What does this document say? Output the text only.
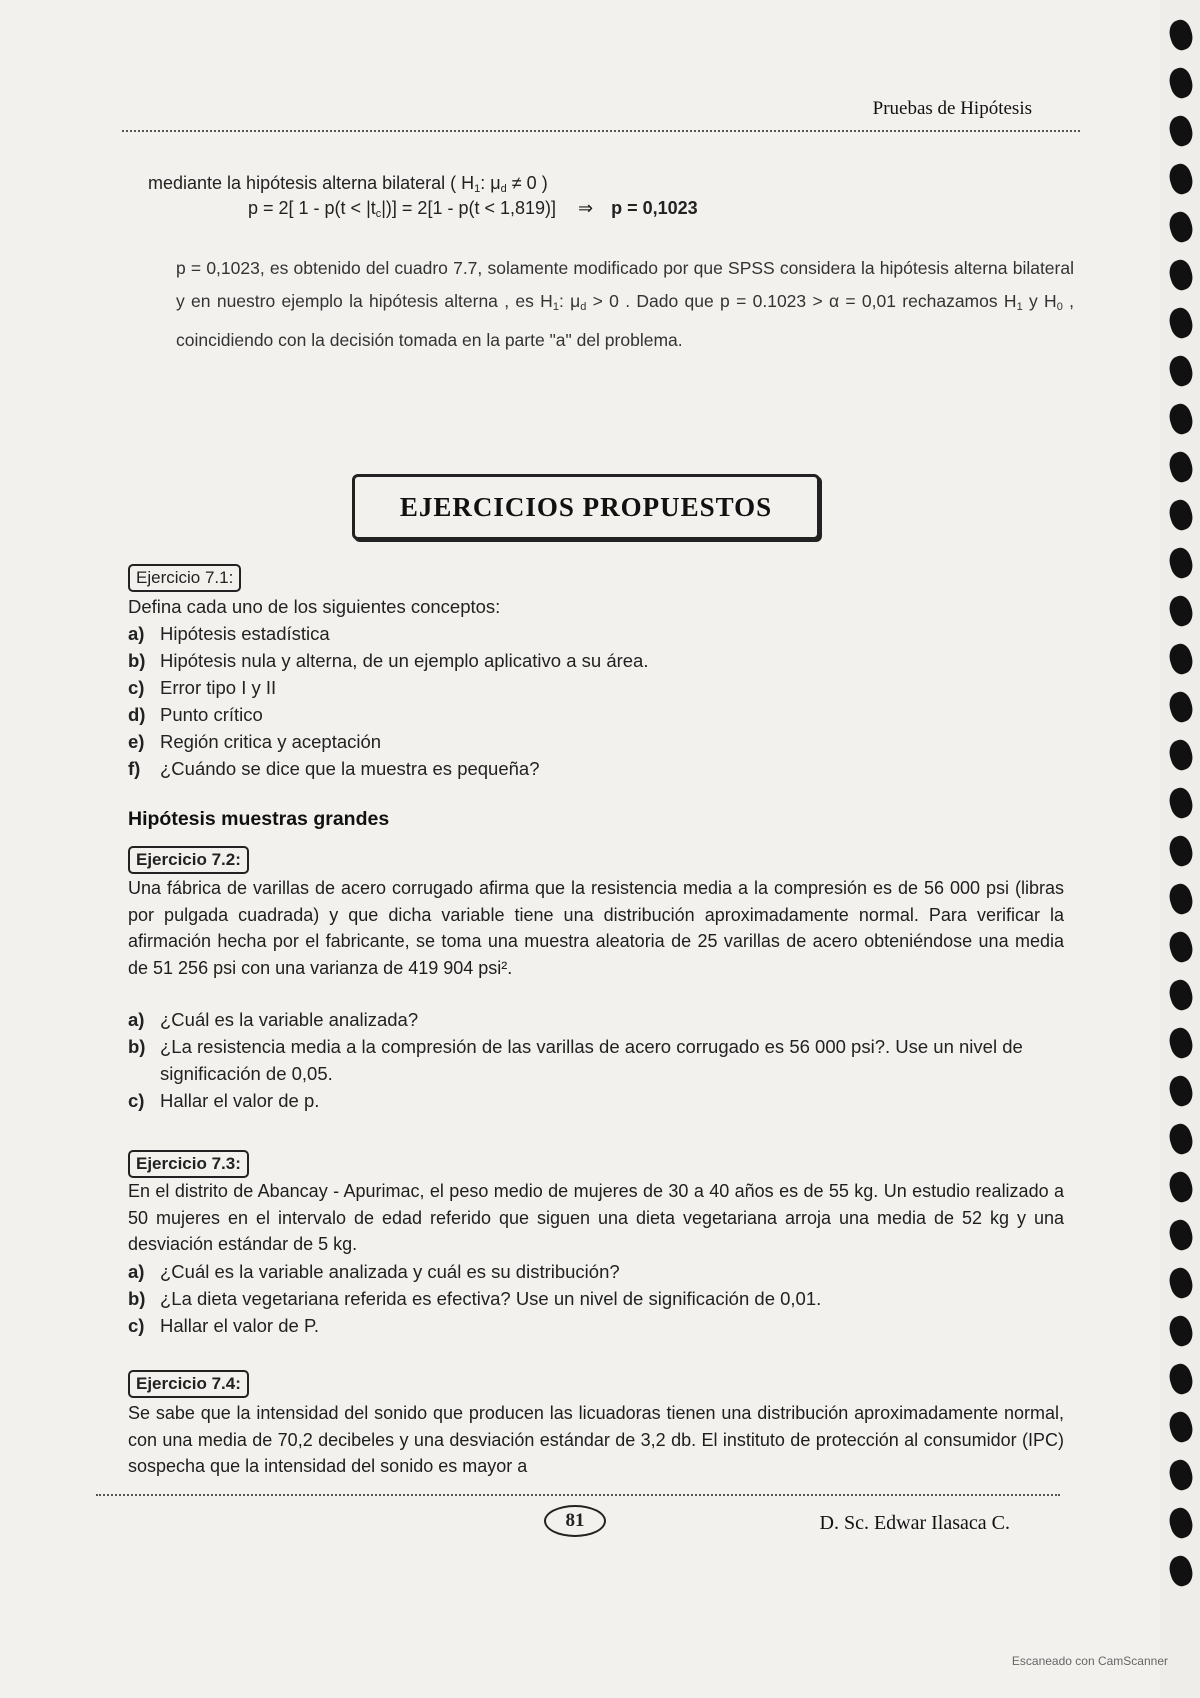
Pruebas de Hipótesis
mediante la hipótesis alterna bilateral ( $H_1$: $\mu_d \ne 0$ )
p = 2[ $1 - p(t < |t_c|)] = 2[1 - p(t < 1,819)]$ ⇒ p = 0,1023
p = 0,1023, es obtenido del cuadro 7.7, solamente modificado por que SPSS considera la hipótesis alterna bilateral y en nuestro ejemplo la hipótesis alterna , es $H_1$: $\mu_d > 0$ . Dado que p = 0.1023 > α = 0,01 rechazamos $H_1$ y $H_0$ , coincidiendo con la decisión tomada en la parte "a" del problema.
EJERCICIOS PROPUESTOS
Ejercicio 7.1:
Defina cada uno de los siguientes conceptos:
a) Hipótesis estadística
b) Hipótesis nula y alterna, de un ejemplo aplicativo a su área.
c) Error tipo I y II
d) Punto crítico
e) Región critica y aceptación
f)	¿Cuándo se dice que la muestra es pequeña?
Hipótesis muestras grandes
Ejercicio 7.2:
Una fábrica de varillas de acero corrugado afirma que la resistencia media a la compresión es de 56 000 psi (libras por pulgada cuadrada) y que dicha variable tiene una distribución aproximadamente normal. Para verificar la afirmación hecha por el fabricante, se toma una muestra aleatoria de 25 varillas de acero obteniéndose una media de 51 256 psi con una varianza de 419 904 psi².
a) ¿Cuál es la variable analizada?
b) ¿La resistencia media a la compresión de las varillas de acero corrugado es 56 000 psi?. Use un nivel de significación de 0,05.
c) Hallar el valor de p.
Ejercicio 7.3:
En el distrito de Abancay - Apurimac, el peso medio de mujeres de 30 a 40 años es de 55 kg. Un estudio realizado a 50 mujeres en el intervalo de edad referido que siguen una dieta vegetariana arroja una media de 52 kg y una desviación estándar de 5 kg.
a) ¿Cuál es la variable analizada y cuál es su distribución?
b) ¿La dieta vegetariana referida es efectiva? Use un nivel de significación de 0,01.
c) Hallar el valor de P.
Ejercicio 7.4:
Se sabe que la intensidad del sonido que producen las licuadoras tienen una distribución aproximadamente normal, con una media de 70,2 decibeles y una desviación estándar de 3,2 db. El instituto de protección al consumidor (IPC) sospecha que la intensidad del sonido es mayor a
81	D. Sc. Edwar Ilasaca C.
Escaneado con CamScanner
